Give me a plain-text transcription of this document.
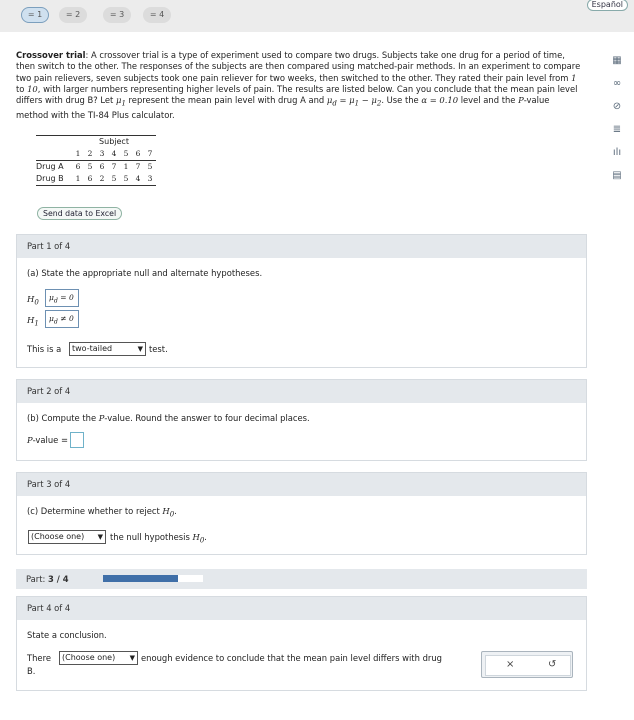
= 1	= 2	= 3	= 4
Español
▦
∞
⊘
≣
ılı
▤
Crossover trial: A crossover trial is a type of experiment used to compare two drugs. Subjects take one drug for a period of time, then switch to the other. The responses of the subjects are then compared using matched-pair methods. In an experiment to compare two pain relievers, seven subjects took one pain reliever for two weeks, then switched to the other. They rated their pain level from 1 to 10, with larger numbers representing higher levels of pain. The results are listed below. Can you conclude that the mean pain level differs with drug B? Let $\mu_1$ represent the mean pain level with drug A and $\mu_d = \mu_1 - \mu_2$. Use the α = 0.10 level and the P-value method with the TI-84 Plus calculator.
Subject
1 2 3 4 5 6 7
Drug A	6 5 6 7 1 7 5
Drug B	1 6 2 5 5 4 3
Send data to Excel
Part 1 of 4
(a) State the appropriate null and alternate hypotheses.
$H_0$
$\mu_d = 0$
$H_1$
$\mu_d \ne 0$
This is a	two-tailed	▼ test.
Part 2 of 4
(b) Compute the P-value. Round the answer to four decimal places.
P-value =
Part 3 of 4
(c) Determine whether to reject $H_0$.
(Choose one) ▼ the null hypothesis $H_0$.
Part: 3 / 4
Part 4 of 4
State a conclusion.
There	(Choose one) ▼ enough evidence to conclude that the mean pain level differs with drug
B.
×	↺
